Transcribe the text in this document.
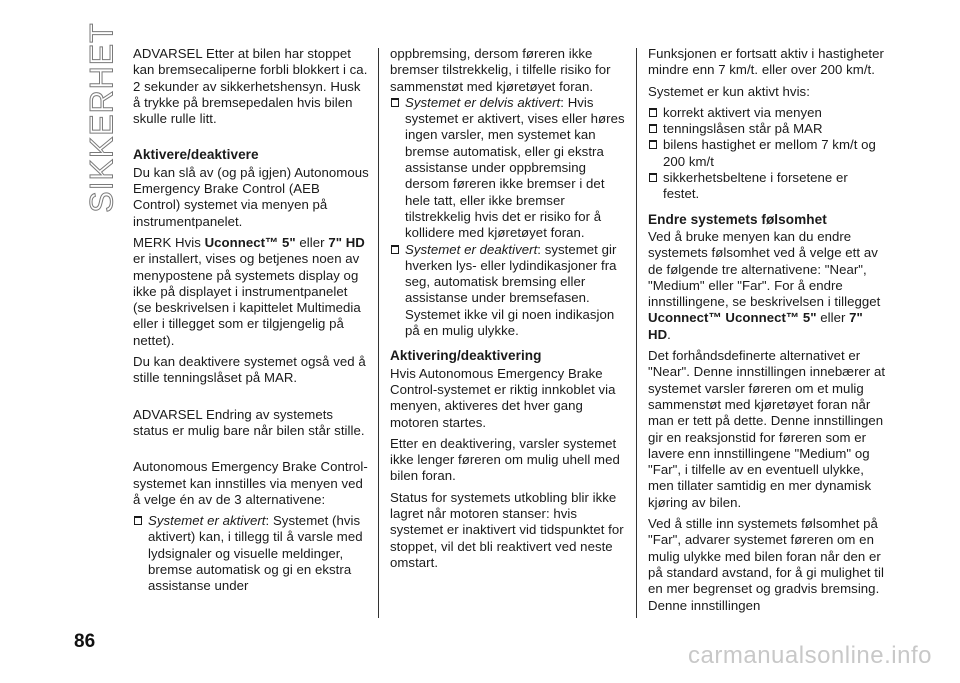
SIKKERHET ADVARSEL Etter at bilen har stoppet kan bremsecaliperne forbli blokkert i ca. 2 sekunder av sikkerhetshensyn. Husk å trykke på bremsepedalen hvis bilen skulle rulle litt.

Aktivere/deaktivere

Du kan slå av (og på igjen) Autonomous Emergency Brake Control (AEB Control) systemet via menyen på instrumentpanelet.

MERK Hvis Uconnect™ 5" eller 7" HD er installert, vises og betjenes noen av menypostene på systemets display og ikke på displayet i instrumentpanelet (se beskrivelsen i kapittelet Multimedia eller i tillegget som er tilgjengelig på nettet).

Du kan deaktivere systemet også ved å stille tenningslåset på MAR.

ADVARSEL Endring av systemets status er mulig bare når bilen står stille.

Autonomous Emergency Brake Control-systemet kan innstilles via menyen ved å velge én av de 3 alternativene:

Systemet er aktivert: Systemet (hvis aktivert) kan, i tillegg til å varsle med lydsignaler og visuelle meldinger, bremse automatisk og gi en ekstra assistanse under

oppbremsing, dersom føreren ikke bremser tilstrekkelig, i tilfelle risiko for sammenstøt med kjøretøyet foran.

Systemet er delvis aktivert: Hvis systemet er aktivert, vises eller høres ingen varsler, men systemet kan bremse automatisk, eller gi ekstra assistanse under oppbremsing dersom føreren ikke bremser i det hele tatt, eller ikke bremser tilstrekkelig hvis det er risiko for å kollidere med kjøretøyet foran.

Systemet er deaktivert: systemet gir hverken lys- eller lydindikasjoner fra seg, automatisk bremsing eller assistanse under bremsefasen. Systemet ikke vil gi noen indikasjon på en mulig ulykke.

Aktivering/deaktivering

Hvis Autonomous Emergency Brake Control-systemet er riktig innkoblet via menyen, aktiveres det hver gang motoren startes.

Etter en deaktivering, varsler systemet ikke lenger føreren om mulig uhell med bilen foran.

Status for systemets utkobling blir ikke lagret når motoren stanser: hvis systemet er inaktivert vid tidspunktet for stoppet, vil det bli reaktivert ved neste omstart.

Funksjonen er fortsatt aktiv i hastigheter mindre enn 7 km/t. eller over 200 km/t.

Systemet er kun aktivt hvis:

korrekt aktivert via menyen

tenningslåsen står på MAR

bilens hastighet er mellom 7 km/t og 200 km/t

sikkerhetsbeltene i forsetene er festet.

Endre systemets følsomhet

Ved å bruke menyen kan du endre systemets følsomhet ved å velge ett av de følgende tre alternativene: "Near", "Medium" eller "Far". For å endre innstillingene, se beskrivelsen i tillegget Uconnect™ Uconnect™ 5" eller 7" HD.

Det forhåndsdefinerte alternativet er "Near". Denne innstillingen innebærer at systemet varsler føreren om et mulig sammenstøt med kjøretøyet foran når man er tett på dette. Denne innstillingen gir en reaksjonstid for føreren som er lavere enn innstillingene "Medium" og "Far", i tilfelle av en eventuell ulykke, men tillater samtidig en mer dynamisk kjøring av bilen.

Ved å stille inn systemets følsomhet på "Far", advarer systemet føreren om en mulig ulykke med bilen foran når den er på standard avstand, for å gi mulighet til en mer begrenset og gradvis bremsing. Denne innstillingen

86
carmanualsonline.info
